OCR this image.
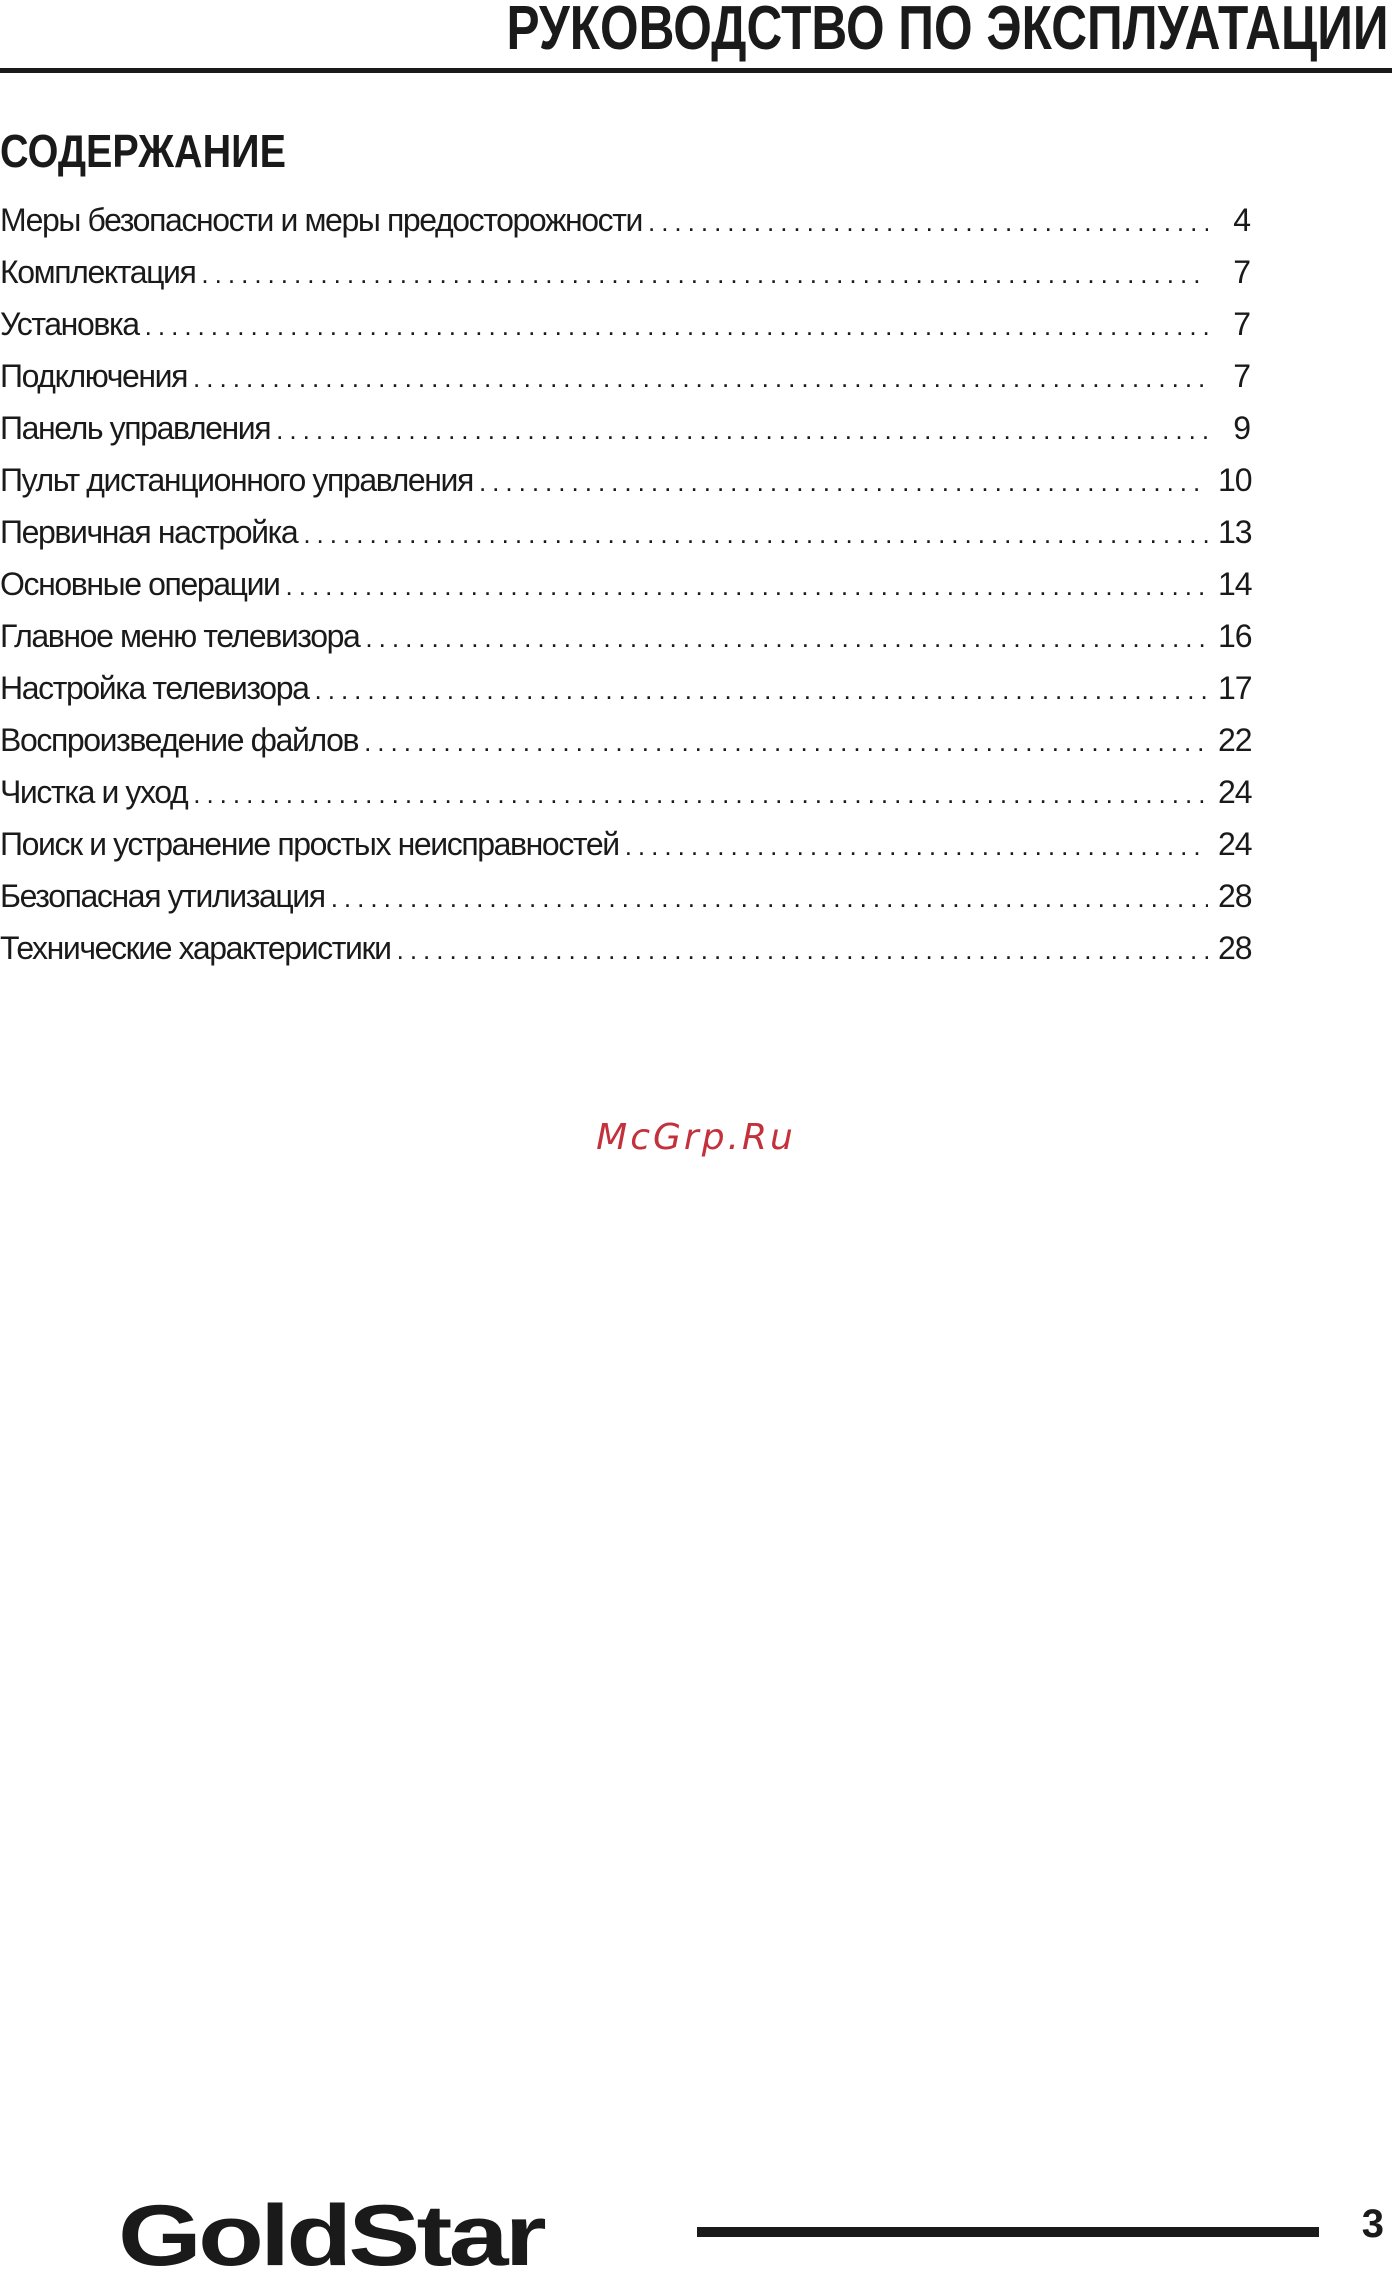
РУКОВОДСТВО ПО ЭКСПЛУАТАЦИИ
СОДЕРЖАНИЕ
Меры безопасности и меры предосторожности .....	4
Комплектация .....	7
Установка .....	7
Подключения .....	7
Панель управления .....	9
Пульт дистанционного управления .....	10
Первичная настройка .....	13
Основные операции .....	14
Главное меню телевизора .....	16
Настройка телевизора .....	17
Воспроизведение файлов .....	22
Чистка и уход .....	24
Поиск и устранение простых неисправностей .....	24
Безопасная утилизация .....	28
Технические характеристики .....	28
McGrp.Ru
GoldStar	3
